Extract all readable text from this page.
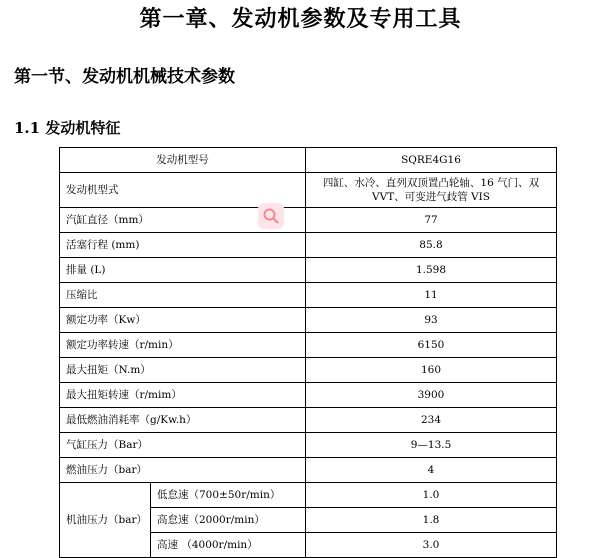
第一章、发动机参数及专用工具
第一节、发动机机械技术参数
1.1 发动机特征
发动机型号		SQRE4G16
发动机型式		四缸、水冷、直列双顶置凸轮轴、16 气门、双 VVT、可变进气歧管 VIS
汽缸直径（mm）		77
活塞行程 (mm)		85.8
排量 (L)		1.598
压缩比		11
额定功率（Kw）		93
额定功率转速（r/min）		6150
最大扭矩（N.m）		160
最大扭矩转速（r/mim）		3900
最低燃油消耗率（g/Kw.h）		234
气缸压力（Bar）		9—13.5
燃油压力（bar）		4
机油压力（bar）	低怠速（700±50r/min）	1.0
	高怠速（2000r/min）	1.8
	高速 （4000r/min）	3.0
